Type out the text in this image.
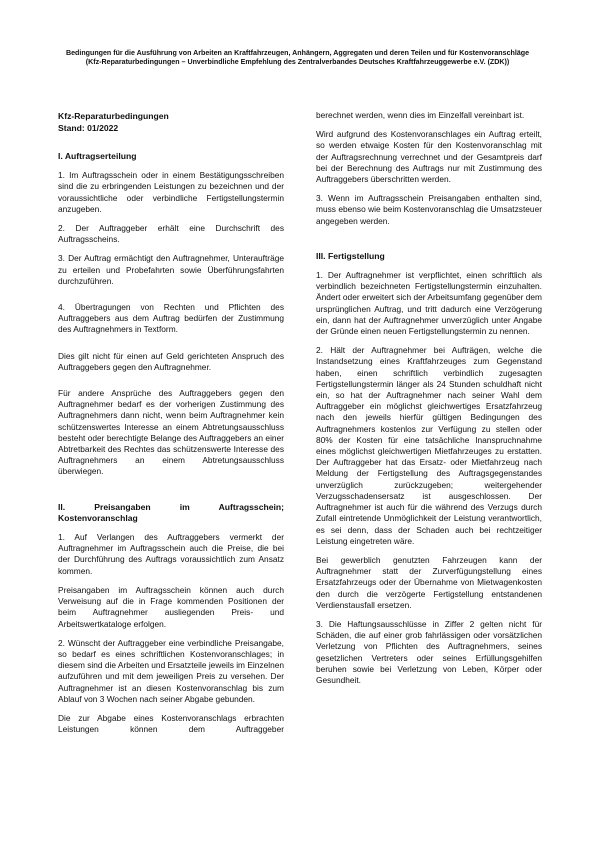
Bedingungen für die Ausführung von Arbeiten an Kraftfahrzeugen, Anhängern, Aggregaten und deren Teilen und für Kostenvoranschläge
(Kfz-Reparaturbedingungen – Unverbindliche Empfehlung des Zentralverbandes Deutsches Kraftfahrzeuggewerbe e.V. (ZDK))
Kfz-Reparaturbedingungen
Stand: 01/2022
I. Auftragserteilung

1. Im Auftragsschein oder in einem Bestätigungsschreiben sind die zu erbringenden Leistungen zu bezeichnen und der voraussichtliche oder verbindliche Fertigstellungstermin anzugeben.

2. Der Auftraggeber erhält eine Durchschrift des Auftragsscheins.

3. Der Auftrag ermächtigt den Auftragnehmer, Unteraufträge zu erteilen und Probefahrten sowie Überführungsfahrten durchzuführen.

4. Übertragungen von Rechten und Pflichten des Auftraggebers aus dem Auftrag bedürfen der Zustimmung des Auftragnehmers in Textform.

Dies gilt nicht für einen auf Geld gerichteten Anspruch des Auftraggebers gegen den Auftragnehmer.

Für andere Ansprüche des Auftraggebers gegen den Auftragnehmer bedarf es der vorherigen Zustimmung des Auftragnehmers dann nicht, wenn beim Auftragnehmer kein schützenswertes Interesse an einem Abtretungsausschluss besteht oder berechtigte Belange des Auftraggebers an einer Abtretbarkeit des Rechtes das schützenswerte Interesse des Auftragnehmers an einem Abtretungsausschluss überwiegen.

II. Preisangaben im Auftragsschein; Kostenvoranschlag

1. Auf Verlangen des Auftraggebers vermerkt der Auftragnehmer im Auftragsschein auch die Preise, die bei der Durchführung des Auftrags voraussichtlich zum Ansatz kommen.

Preisangaben im Auftragsschein können auch durch Verweisung auf die in Frage kommenden Positionen der beim Auftragnehmer ausliegenden Preis- und Arbeitswertkataloge erfolgen.

2. Wünscht der Auftraggeber eine verbindliche Preisangabe, so bedarf es eines schriftlichen Kostenvoranschlages; in diesem sind die Arbeiten und Ersatzteile jeweils im Einzelnen aufzuführen und mit dem jeweiligen Preis zu versehen. Der Auftragnehmer ist an diesen Kostenvoranschlag bis zum Ablauf von 3 Wochen nach seiner Abgabe gebunden.

Die zur Abgabe eines Kostenvoranschlags erbrachten Leistungen können dem Auftraggeber

berechnet werden, wenn dies im Einzelfall vereinbart ist.

Wird aufgrund des Kostenvoranschlages ein Auftrag erteilt, so werden etwaige Kosten für den Kostenvoranschlag mit der Auftragsrechnung verrechnet und der Gesamtpreis darf bei der Berechnung des Auftrags nur mit Zustimmung des Auftraggebers überschritten werden.

3. Wenn im Auftragsschein Preisangaben enthalten sind, muss ebenso wie beim Kostenvoranschlag die Umsatzsteuer angegeben werden.

III. Fertigstellung

1. Der Auftragnehmer ist verpflichtet, einen schriftlich als verbindlich bezeichneten Fertigstellungstermin einzuhalten. Ändert oder erweitert sich der Arbeitsumfang gegenüber dem ursprünglichen Auftrag, und tritt dadurch eine Verzögerung ein, dann hat der Auftragnehmer unverzüglich unter Angabe der Gründe einen neuen Fertigstellungstermin zu nennen.

2. Hält der Auftragnehmer bei Aufträgen, welche die Instandsetzung eines Kraftfahrzeuges zum Gegenstand haben, einen schriftlich verbindlich zugesagten Fertigstellungstermin länger als 24 Stunden schuldhaft nicht ein, so hat der Auftragnehmer nach seiner Wahl dem Auftraggeber ein möglichst gleichwertiges Ersatzfahrzeug nach den jeweils hierfür gültigen Bedingungen des Auftragnehmers kostenlos zur Verfügung zu stellen oder 80% der Kosten für eine tatsächliche Inanspruchnahme eines möglichst gleichwertigen Mietfahrzeuges zu erstatten. Der Auftraggeber hat das Ersatz- oder Mietfahrzeug nach Meldung der Fertigstellung des Auftragsgegenstandes unverzüglich zurückzugeben; weitergehender Verzugsschadensersatz ist ausgeschlossen. Der Auftragnehmer ist auch für die während des Verzugs durch Zufall eintretende Unmöglichkeit der Leistung verantwortlich, es sei denn, dass der Schaden auch bei rechtzeitiger Leistung eingetreten wäre.

Bei gewerblich genutzten Fahrzeugen kann der Auftragnehmer statt der Zurverfügungstellung eines Ersatzfahrzeugs oder der Übernahme von Mietwagenkosten den durch die verzögerte Fertigstellung entstandenen Verdienstausfall ersetzen.

3. Die Haftungsausschlüsse in Ziffer 2 gelten nicht für Schäden, die auf einer grob fahrlässigen oder vorsätzlichen Verletzung von Pflichten des Auftragnehmers, seines gesetzlichen Vertreters oder seines Erfüllungsgehilfen beruhen sowie bei Verletzung von Leben, Körper oder Gesundheit.
